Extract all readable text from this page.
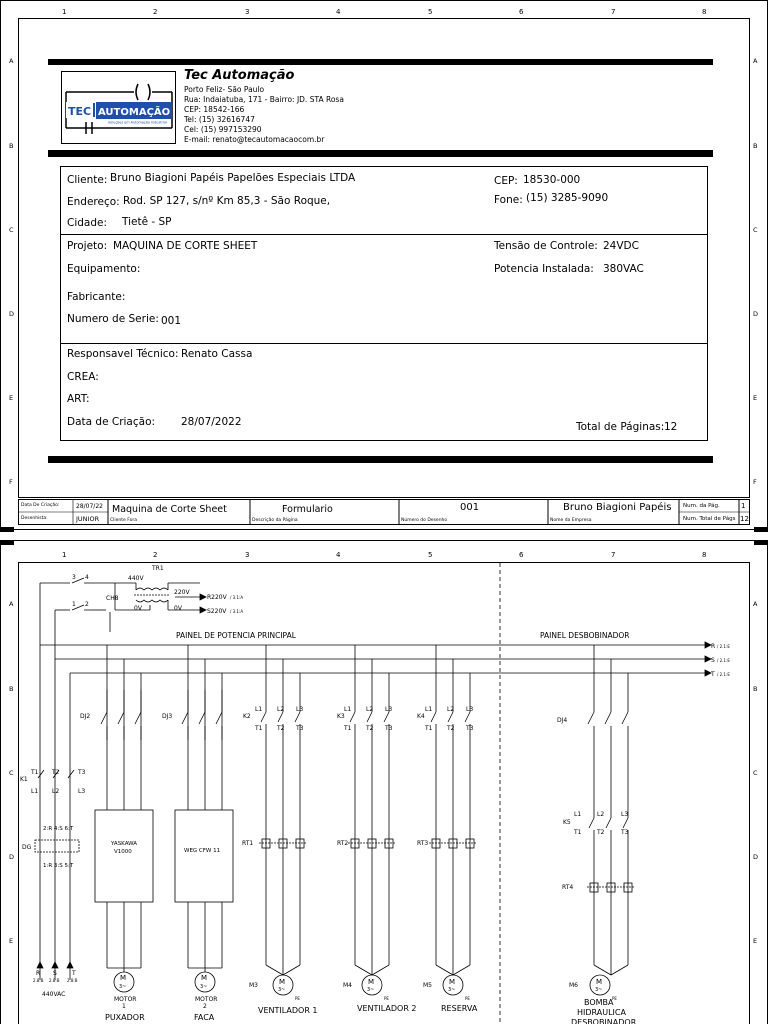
1	2	3	4	5	6	7	8
A
B
C
D
E
F
A
B
C
D
E
F
TEC AUTOMAÇÃO
Soluções em Automação Industrial
Tec Automação
Porto Feliz- São Paulo
Rua: Indaiatuba, 171 - Bairro: JD. STA Rosa
CEP: 18542-166
Tel: (15) 32616747
Cel: (15) 997153290
E-mail: renato@tecautomacaocom.br
Cliente: Bruno Biagioni Papéis Papelões Especiais LTDA
Endereço: Rod. SP 127, s/nº Km 85,3 - São Roque,
Cidade: Tietê - SP
CEP: 18530-000
Fone: (15) 3285-9090
Projeto: MAQUINA DE CORTE SHEET
Equipamento:
Fabricante:
Numero de Serie: 001
Tensão de Controle: 24VDC
Potencia Instalada: 380VAC
Responsavel Técnico: Renato Cassa
CREA:
ART:
Data de Criação: 28/07/2022	Total de Páginas: 12
Data De Criação:	28/07/22
Desenhista:	JUNIOR
Maquina de Corte Sheet
Cliente Fora
Formulario
Descrição da Página
001
Número do Desenho
Bruno Biagioni Papéis
Nome da Empresa
Num. da Pág.	1
Num. Total de Págs 12
1	2	3	4	5	6	7	8
A
B
C
D
E
A
B
C
D
E
M
3~
PE
L1 L2 L3
T1 T2 T3
M
3~
PE
L1 L2 L3
T1 T2 T3
M
3~
PE
L1 L2 L3
T1 T2 T3
M
3~
PE
L1	L2	L3
T1	T2	T3
T1 T2	T3
L1 L2	L3
TR1
440V
220V
0V	0V
CH8
3 4
1 2
R220V / 3.1:A
S220V / 3.1:A
PAINEL DE POTENCIA PRINCIPAL	PAINEL DESBOBINADOR
R / 2.1:E
S / 2.1:E
T / 2.1:E
DJ2	DJ3
DJ4
K1
K2	K3	K4
K5
DG
2:R 4:S 6:T
1:R 3:S 5:T
RT1	RT2	RT3
RT4
YASKAWA
V1000	WEG CFW 11
R S	T
2.8:B 2.8:B 2.8:B
440VAC
M
3~
MOTOR
1
PUXADOR
M
3~
MOTOR
2
FACA
M3
VENTILADOR 1
M4
VENTILADOR 2
M5
RESERVA
M6
BOMBA
HIDRAULICA
DESBOBINADOR
